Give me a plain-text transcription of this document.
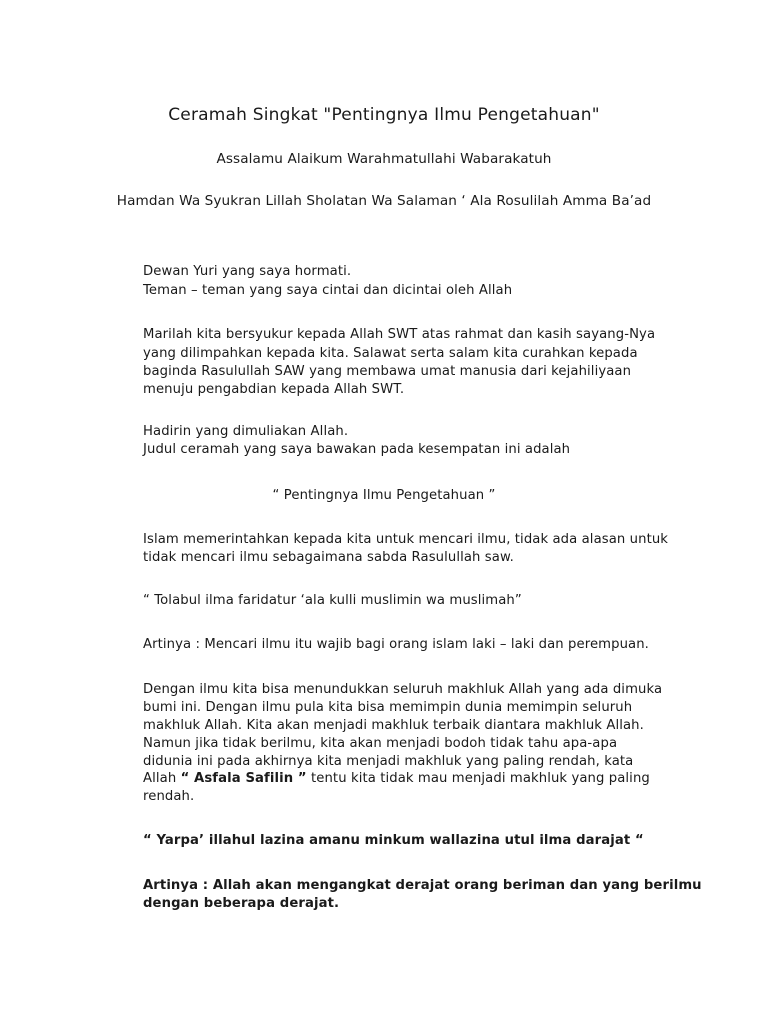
Ceramah Singkat "Pentingnya Ilmu Pengetahuan"
Assalamu Alaikum Warahmatullahi Wabarakatuh
Hamdan Wa Syukran Lillah Sholatan Wa Salaman ‘ Ala Rosulilah Amma Ba’ad
Dewan Yuri yang saya hormati.
Teman – teman yang saya cintai dan dicintai oleh Allah
Marilah kita bersyukur kepada Allah SWT atas rahmat dan kasih sayang-Nya
yang dilimpahkan kepada kita. Salawat serta salam kita curahkan kepada
baginda Rasulullah SAW yang membawa umat manusia dari kejahiliyaan
menuju pengabdian kepada Allah SWT.
Hadirin yang dimuliakan Allah.
Judul ceramah yang saya bawakan pada kesempatan ini adalah
“ Pentingnya Ilmu Pengetahuan ”
Islam memerintahkan kepada kita untuk mencari ilmu, tidak ada alasan untuk
tidak mencari ilmu sebagaimana sabda Rasulullah saw.
“ Tolabul ilma faridatur ‘ala kulli muslimin wa muslimah”
Artinya : Mencari ilmu itu wajib bagi orang islam laki – laki dan perempuan.
Dengan ilmu kita bisa menundukkan seluruh makhluk Allah yang ada dimuka
bumi ini. Dengan ilmu pula kita bisa memimpin dunia memimpin seluruh
makhluk Allah. Kita akan menjadi makhluk terbaik diantara makhluk Allah.
Namun jika tidak berilmu, kita akan menjadi bodoh tidak tahu apa-apa
didunia ini pada akhirnya kita menjadi makhluk yang paling rendah, kata
Allah “ Asfala Safilin ” tentu kita tidak mau menjadi makhluk yang paling
rendah.
“ Yarpa’ illahul lazina amanu minkum wallazina utul ilma darajat “
Artinya : Allah akan mengangkat derajat orang beriman dan yang berilmu
dengan beberapa derajat.
